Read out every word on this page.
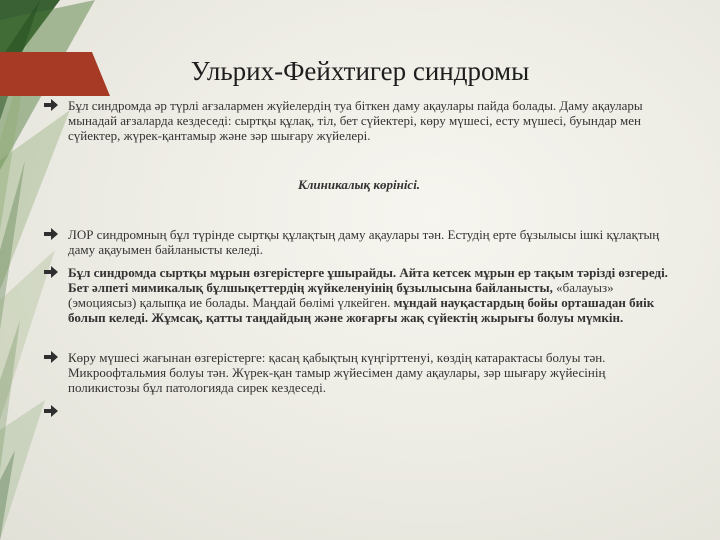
Ульрих-Фейхтигер синдромы
Бұл синдромда әр түрлі ағзалармен жүйелердің туа біткен даму ақаулары пайда болады. Даму ақаулары мынадай ағзаларда кездеседі: сыртқы құлақ, тіл, бет сүйектері, көру мүшесі, есту мүшесі, буындар мен сүйектер, жүрек-қантамыр және зәр шығару жүйелері.
Клиникалық көрінісі.
ЛОР синдромның бұл түрінде сыртқы құлақтың даму ақаулары тән. Естудің ерте бұзылысы ішкі құлақтың даму ақауымен байланысты келеді.
Бұл синдромда сыртқы мұрын өзгерістерге ұшырайды. Айта кетсек мұрын ер тақым тәрізді өзгереді. Бет әлпеті мимикалық бұлшықеттердің жүйкеленуінің бұзылысына байланысты, «балауыз» (эмоциясыз) қалыпқа ие болады. Маңдай бөлімі үлкейген. мұндай науқастардың бойы орташадан биік болып келеді. Жұмсақ, қатты таңдайдың және жоғарғы жақ сүйектің жырығы болуы мүмкін.
Көру мүшесі жағынан өзгерістерге: қасаң қабықтың күңгірттенуі, көздің катарактасы болуы тән. Микроофтальмия болуы тән. Жүрек-қан тамыр жүйесімен даму ақаулары, зәр шығару жүйесінің поликистозы бұл патологияда сирек кездеседі.
